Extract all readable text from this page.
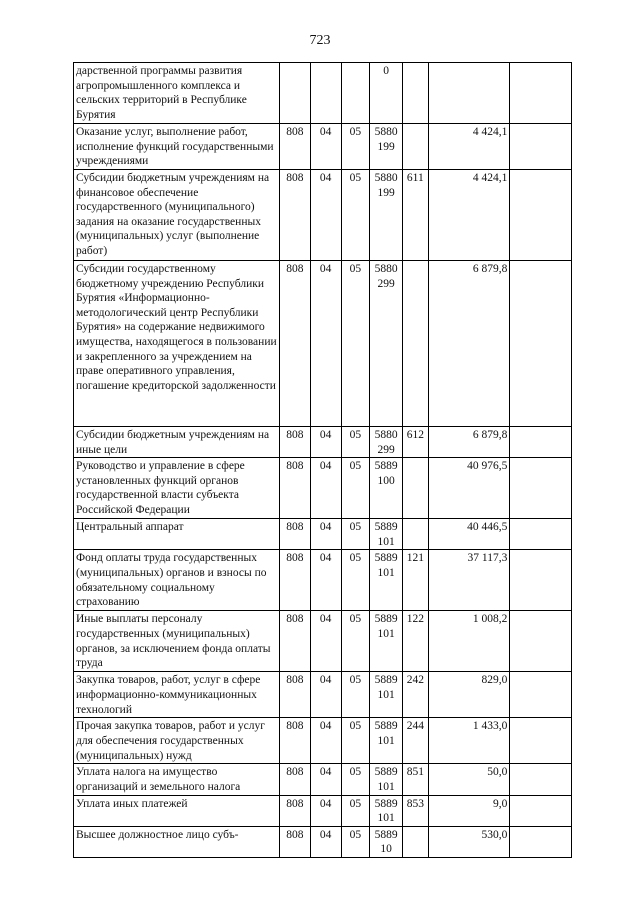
723
дарственной программы развития агропромышленного комплекса и сельских территорий в Республике Бурятия				0			
Оказание услуг, выполнение работ, исполнение функций государственными учреждениями	808	04	05	5880199		4 424,1	
Субсидии бюджетным учреждениям на финансовое обеспечение государственного (муниципального) задания на оказание государственных (муниципальных) услуг (выполнение работ)	808	04	05	5880199	611	4 424,1	
Субсидии государственному бюджетному учреждению Республики Бурятия «Информационно-методологический центр Республики Бурятия» на содержание недвижимого имущества, находящегося в пользовании и закрепленного за учреждением на праве оперативного управления, погашение кредиторской задолженности	808	04	05	5880299		6 879,8	
Субсидии бюджетным учреждениям на иные цели	808	04	05	5880299	612	6 879,8	
Руководство и управление в сфере установленных функций органов государственной власти субъекта Российской Федерации	808	04	05	5889100		40 976,5	
Центральный аппарат	808	04	05	5889101		40 446,5	
Фонд оплаты труда государственных (муниципальных) органов и взносы по обязательному социальному страхованию	808	04	05	5889101	121	37 117,3	
Иные выплаты персоналу государственных (муниципальных) органов, за исключением фонда оплаты труда	808	04	05	5889101	122	1 008,2	
Закупка товаров, работ, услуг в сфере информационно-коммуникационных технологий	808	04	05	5889101	242	829,0	
Прочая закупка товаров, работ и услуг для обеспечения государственных (муниципальных) нужд	808	04	05	5889101	244	1 433,0	
Уплата налога на имущество организаций и земельного налога	808	04	05	5889101	851	50,0	
Уплата иных платежей	808	04	05	5889101	853	9,0	
Высшее должностное лицо субъ-	808	04	05	588910		530,0	
